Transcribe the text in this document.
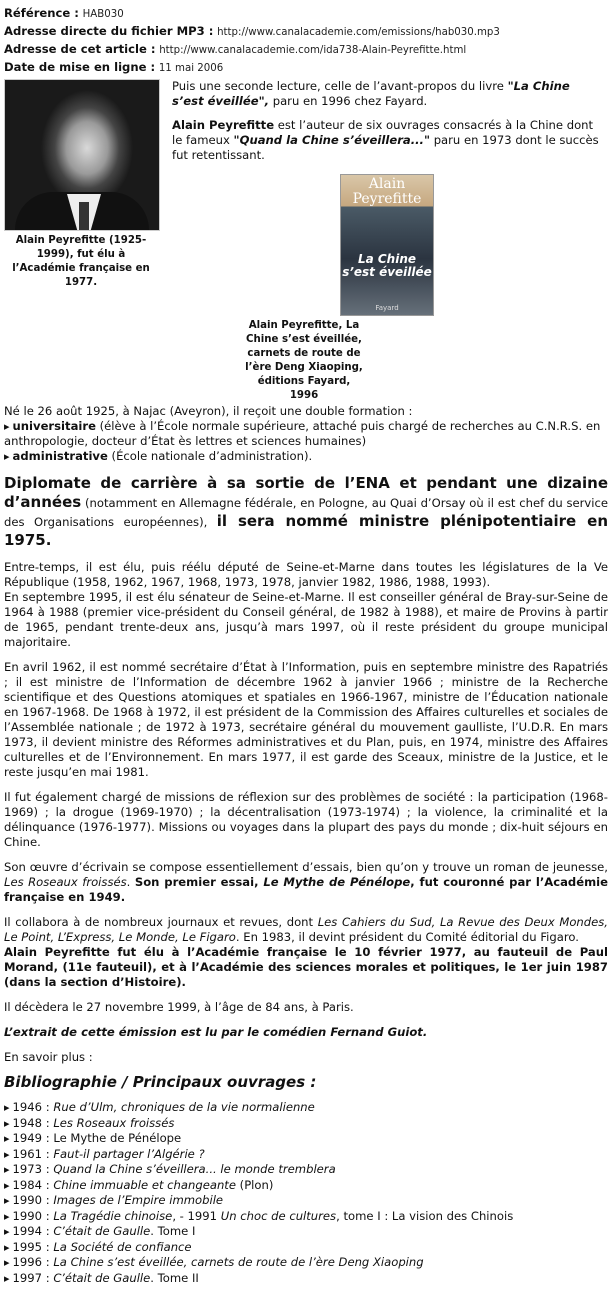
Référence : HAB030
Adresse directe du fichier MP3 : http://www.canalacademie.com/emissions/hab030.mp3
Adresse de cet article : http://www.canalacademie.com/ida738-Alain-Peyrefitte.html
Date de mise en ligne : 11 mai 2006
Alain Peyrefitte (1925-1999), fut élu à l’Académie française en 1977.

Puis une seconde lecture, celle de l’avant-propos du livre "La Chine s’est éveillée", paru en 1996 chez Fayard.

Alain Peyrefitte est l’auteur de six ouvrages consacrés à la Chine dont le fameux "Quand la Chine s’éveillera..." paru en 1973 dont le succès fut retentissant.

Alain Peyrefitte
La Chine s’est éveillée
Fayard
Alain Peyrefitte, La Chine s’est éveillée, carnets de route de l’ère Deng Xiaoping, éditions Fayard, 1996

Né le 26 août 1925, à Najac (Aveyron), il reçoit une double formation :

▸ universitaire (élève à l’École normale supérieure, attaché puis chargé de recherches au C.N.R.S. en anthropologie, docteur d’État ès lettres et sciences humaines)

▸ administrative (École nationale d’administration).

Diplomate de carrière à sa sortie de l’ENA et pendant une dizaine d’années (notamment en Allemagne fédérale, en Pologne, au Quai d’Orsay où il est chef du service des Organisations européennes), il sera nommé ministre plénipotentiaire en 1975.

Entre-temps, il est élu, puis réélu député de Seine-et-Marne dans toutes les législatures de la Ve République (1958, 1962, 1967, 1968, 1973, 1978, janvier 1982, 1986, 1988, 1993).

En septembre 1995, il est élu sénateur de Seine-et-Marne. Il est conseiller général de Bray-sur-Seine de 1964 à 1988 (premier vice-président du Conseil général, de 1982 à 1988), et maire de Provins à partir de 1965, pendant trente-deux ans, jusqu’à mars 1997, où il reste président du groupe municipal majoritaire.

En avril 1962, il est nommé secrétaire d’État à l’Information, puis en septembre ministre des Rapatriés ; il est ministre de l’Information de décembre 1962 à janvier 1966 ; ministre de la Recherche scientifique et des Questions atomiques et spatiales en 1966-1967, ministre de l’Éducation nationale en 1967-1968. De 1968 à 1972, il est président de la Commission des Affaires culturelles et sociales de l’Assemblée nationale ; de 1972 à 1973, secrétaire général du mouvement gaulliste, l’U.D.R. En mars 1973, il devient ministre des Réformes administratives et du Plan, puis, en 1974, ministre des Affaires culturelles et de l’Environnement. En mars 1977, il est garde des Sceaux, ministre de la Justice, et le reste jusqu’en mai 1981.

Il fut également chargé de missions de réflexion sur des problèmes de société : la participation (1968-1969) ; la drogue (1969-1970) ; la décentralisation (1973-1974) ; la violence, la criminalité et la délinquance (1976-1977). Missions ou voyages dans la plupart des pays du monde ; dix-huit séjours en Chine.

Son œuvre d’écrivain se compose essentiellement d’essais, bien qu’on y trouve un roman de jeunesse, Les Roseaux froissés. Son premier essai, Le Mythe de Pénélope, fut couronné par l’Académie française en 1949.

Il collabora à de nombreux journaux et revues, dont Les Cahiers du Sud, La Revue des Deux Mondes, Le Point, L’Express, Le Monde, Le Figaro. En 1983, il devint président du Comité éditorial du Figaro.

Alain Peyrefitte fut élu à l’Académie française le 10 février 1977, au fauteuil de Paul Morand, (11e fauteuil), et à l’Académie des sciences morales et politiques, le 1er juin 1987 (dans la section d’Histoire).

Il décèdera le 27 novembre 1999, à l’âge de 84 ans, à Paris.
L’extrait de cette émission est lu par le comédien Fernand Guiot.
En savoir plus :
Bibliographie / Principaux ouvrages :
▸ 1946 : Rue d’Ulm, chroniques de la vie normalienne
▸ 1948 : Les Roseaux froissés
▸ 1949 : Le Mythe de Pénélope
▸ 1961 : Faut-il partager l’Algérie ?
▸ 1973 : Quand la Chine s’éveillera... le monde tremblera
▸ 1984 : Chine immuable et changeante (Plon)
▸ 1990 : Images de l’Empire immobile
▸ 1990 : La Tragédie chinoise, - 1991 Un choc de cultures, tome I : La vision des Chinois
▸ 1994 : C’était de Gaulle. Tome I
▸ 1995 : La Société de confiance
▸ 1996 : La Chine s’est éveillée, carnets de route de l’ère Deng Xiaoping
▸ 1997 : C’était de Gaulle. Tome II
